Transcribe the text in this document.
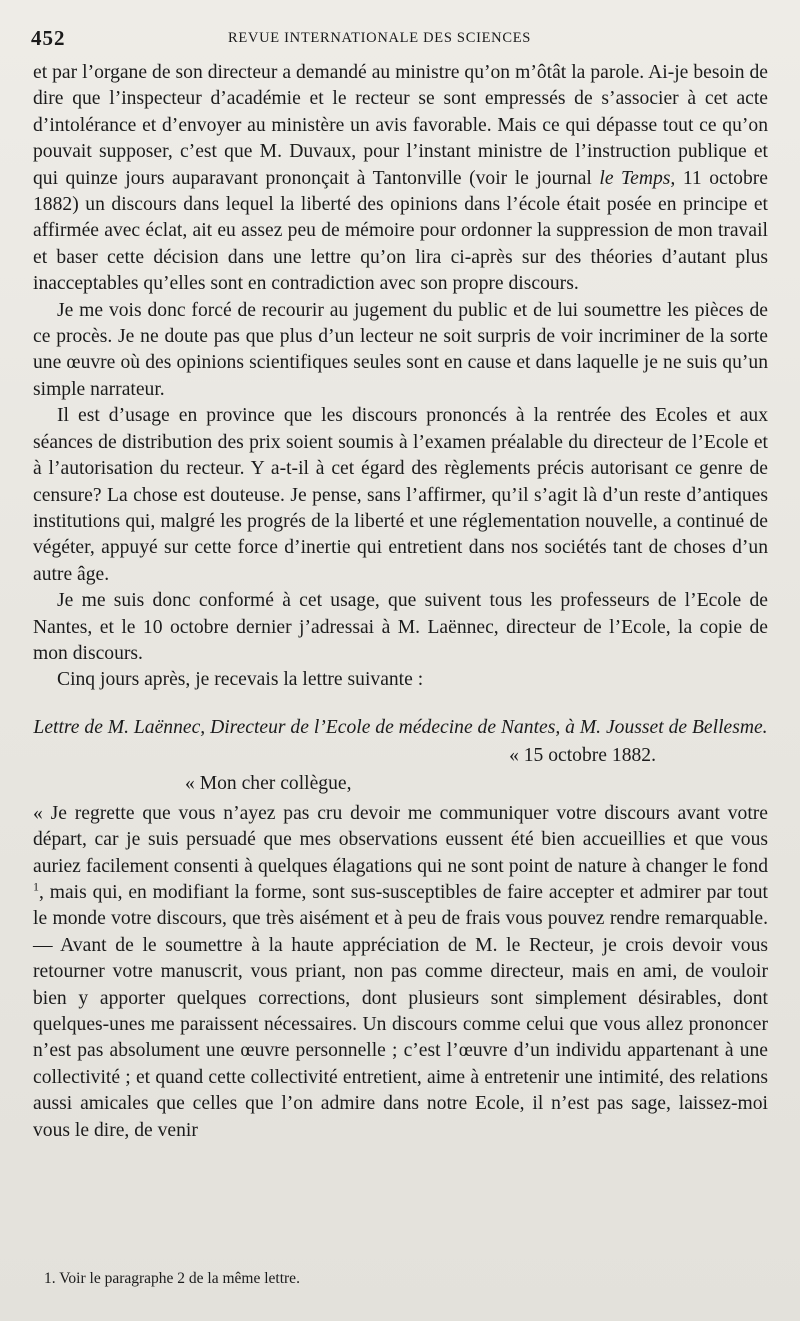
452	REVUE INTERNATIONALE DES SCIENCES

et par l’organe de son directeur a demandé au ministre qu’on m’ôtât la parole. Ai-je besoin de dire que l’inspecteur d’académie et le recteur se sont empressés de s’associer à cet acte d’intolérance et d’envoyer au ministère un avis favorable. Mais ce qui dépasse tout ce qu’on pouvait supposer, c’est que M. Duvaux, pour l’instant ministre de l’instruction publique et qui quinze jours auparavant prononçait à Tantonville (voir le journal le Temps, 11 octobre 1882) un discours dans lequel la liberté des opinions dans l’école était posée en principe et affirmée avec éclat, ait eu assez peu de mémoire pour ordonner la suppression de mon travail et baser cette décision dans une lettre qu’on lira ci-après sur des théories d’autant plus inacceptables qu’elles sont en contradiction avec son propre discours.

Je me vois donc forcé de recourir au jugement du public et de lui soumettre les pièces de ce procès. Je ne doute pas que plus d’un lecteur ne soit surpris de voir incriminer de la sorte une œuvre où des opinions scientifiques seules sont en cause et dans laquelle je ne suis qu’un simple narrateur.

Il est d’usage en province que les discours prononcés à la rentrée des Ecoles et aux séances de distribution des prix soient soumis à l’examen préalable du directeur de l’Ecole et à l’autorisation du recteur. Y a-t-il à cet égard des règlements précis autorisant ce genre de censure? La chose est douteuse. Je pense, sans l’affirmer, qu’il s’agit là d’un reste d’antiques institutions qui, malgré les progrés de la liberté et une réglementation nouvelle, a continué de végéter, appuyé sur cette force d’inertie qui entretient dans nos sociétés tant de choses d’un autre âge.

Je me suis donc conformé à cet usage, que suivent tous les professeurs de l’Ecole de Nantes, et le 10 octobre dernier j’adressai à M. Laënnec, directeur de l’Ecole, la copie de mon discours.

Cinq jours après, je recevais la lettre suivante :

Lettre de M. Laënnec, Directeur de l’Ecole de médecine de Nantes, à M. Jousset de Bellesme.
« 15 octobre 1882.
« Mon cher collègue,

« Je regrette que vous n’ayez pas cru devoir me communiquer votre discours avant votre départ, car je suis persuadé que mes observations eussent été bien accueillies et que vous auriez facilement consenti à quelques élagations qui ne sont point de nature à changer le fond $^1$, mais qui, en modifiant la forme, sont sus-susceptibles de faire accepter et admirer par tout le monde votre discours, que très aisément et à peu de frais vous pouvez rendre remarquable. — Avant de le soumettre à la haute appréciation de M. le Recteur, je crois devoir vous retourner votre manuscrit, vous priant, non pas comme directeur, mais en ami, de vouloir bien y apporter quelques corrections, dont plusieurs sont simplement désirables, dont quelques-unes me paraissent nécessaires. Un discours comme celui que vous allez prononcer n’est pas absolument une œuvre personnelle ; c’est l’œuvre d’un individu appartenant à une collectivité ; et quand cette collectivité entretient, aime à entretenir une intimité, des relations aussi amicales que celles que l’on admire dans notre Ecole, il n’est pas sage, laissez-moi vous le dire, de venir

1. Voir le paragraphe 2 de la même lettre.
